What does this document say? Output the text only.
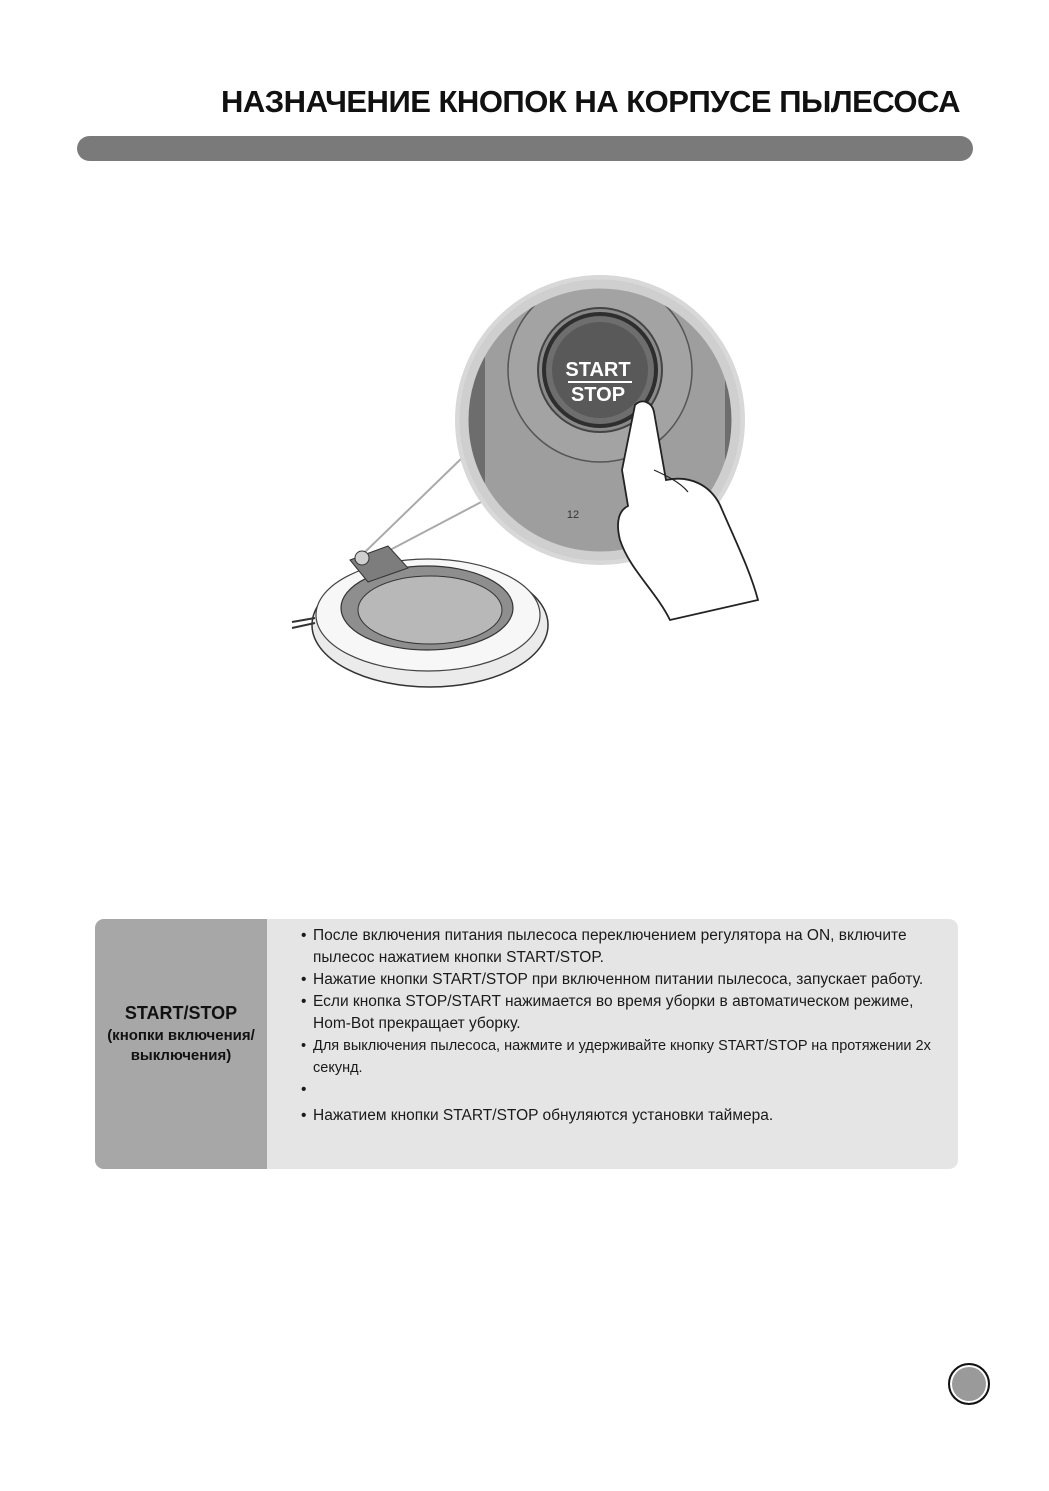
НАЗНАЧЕНИЕ КНОПОК НА КОРПУСЕ ПЫЛЕСОСА
START
STOP
12
START/STOP
(кнопки включения/
выключения)
• После включения питания пылесоса переключением регулятора на ON, включите пылесос нажатием кнопки START/STOP.
• Нажатие кнопки START/STOP при включенном питании пылесоса, запускает работу.
• Если кнопка STOP/START нажимается во время уборки в автоматическом режиме, Hom-Bot прекращает уборку.
• Для выключения пылесоса, нажмите и удерживайте кнопку START/STOP на протяжении 2х секунд.
•
• Нажатием кнопки START/STOP обнуляются установки таймера.
